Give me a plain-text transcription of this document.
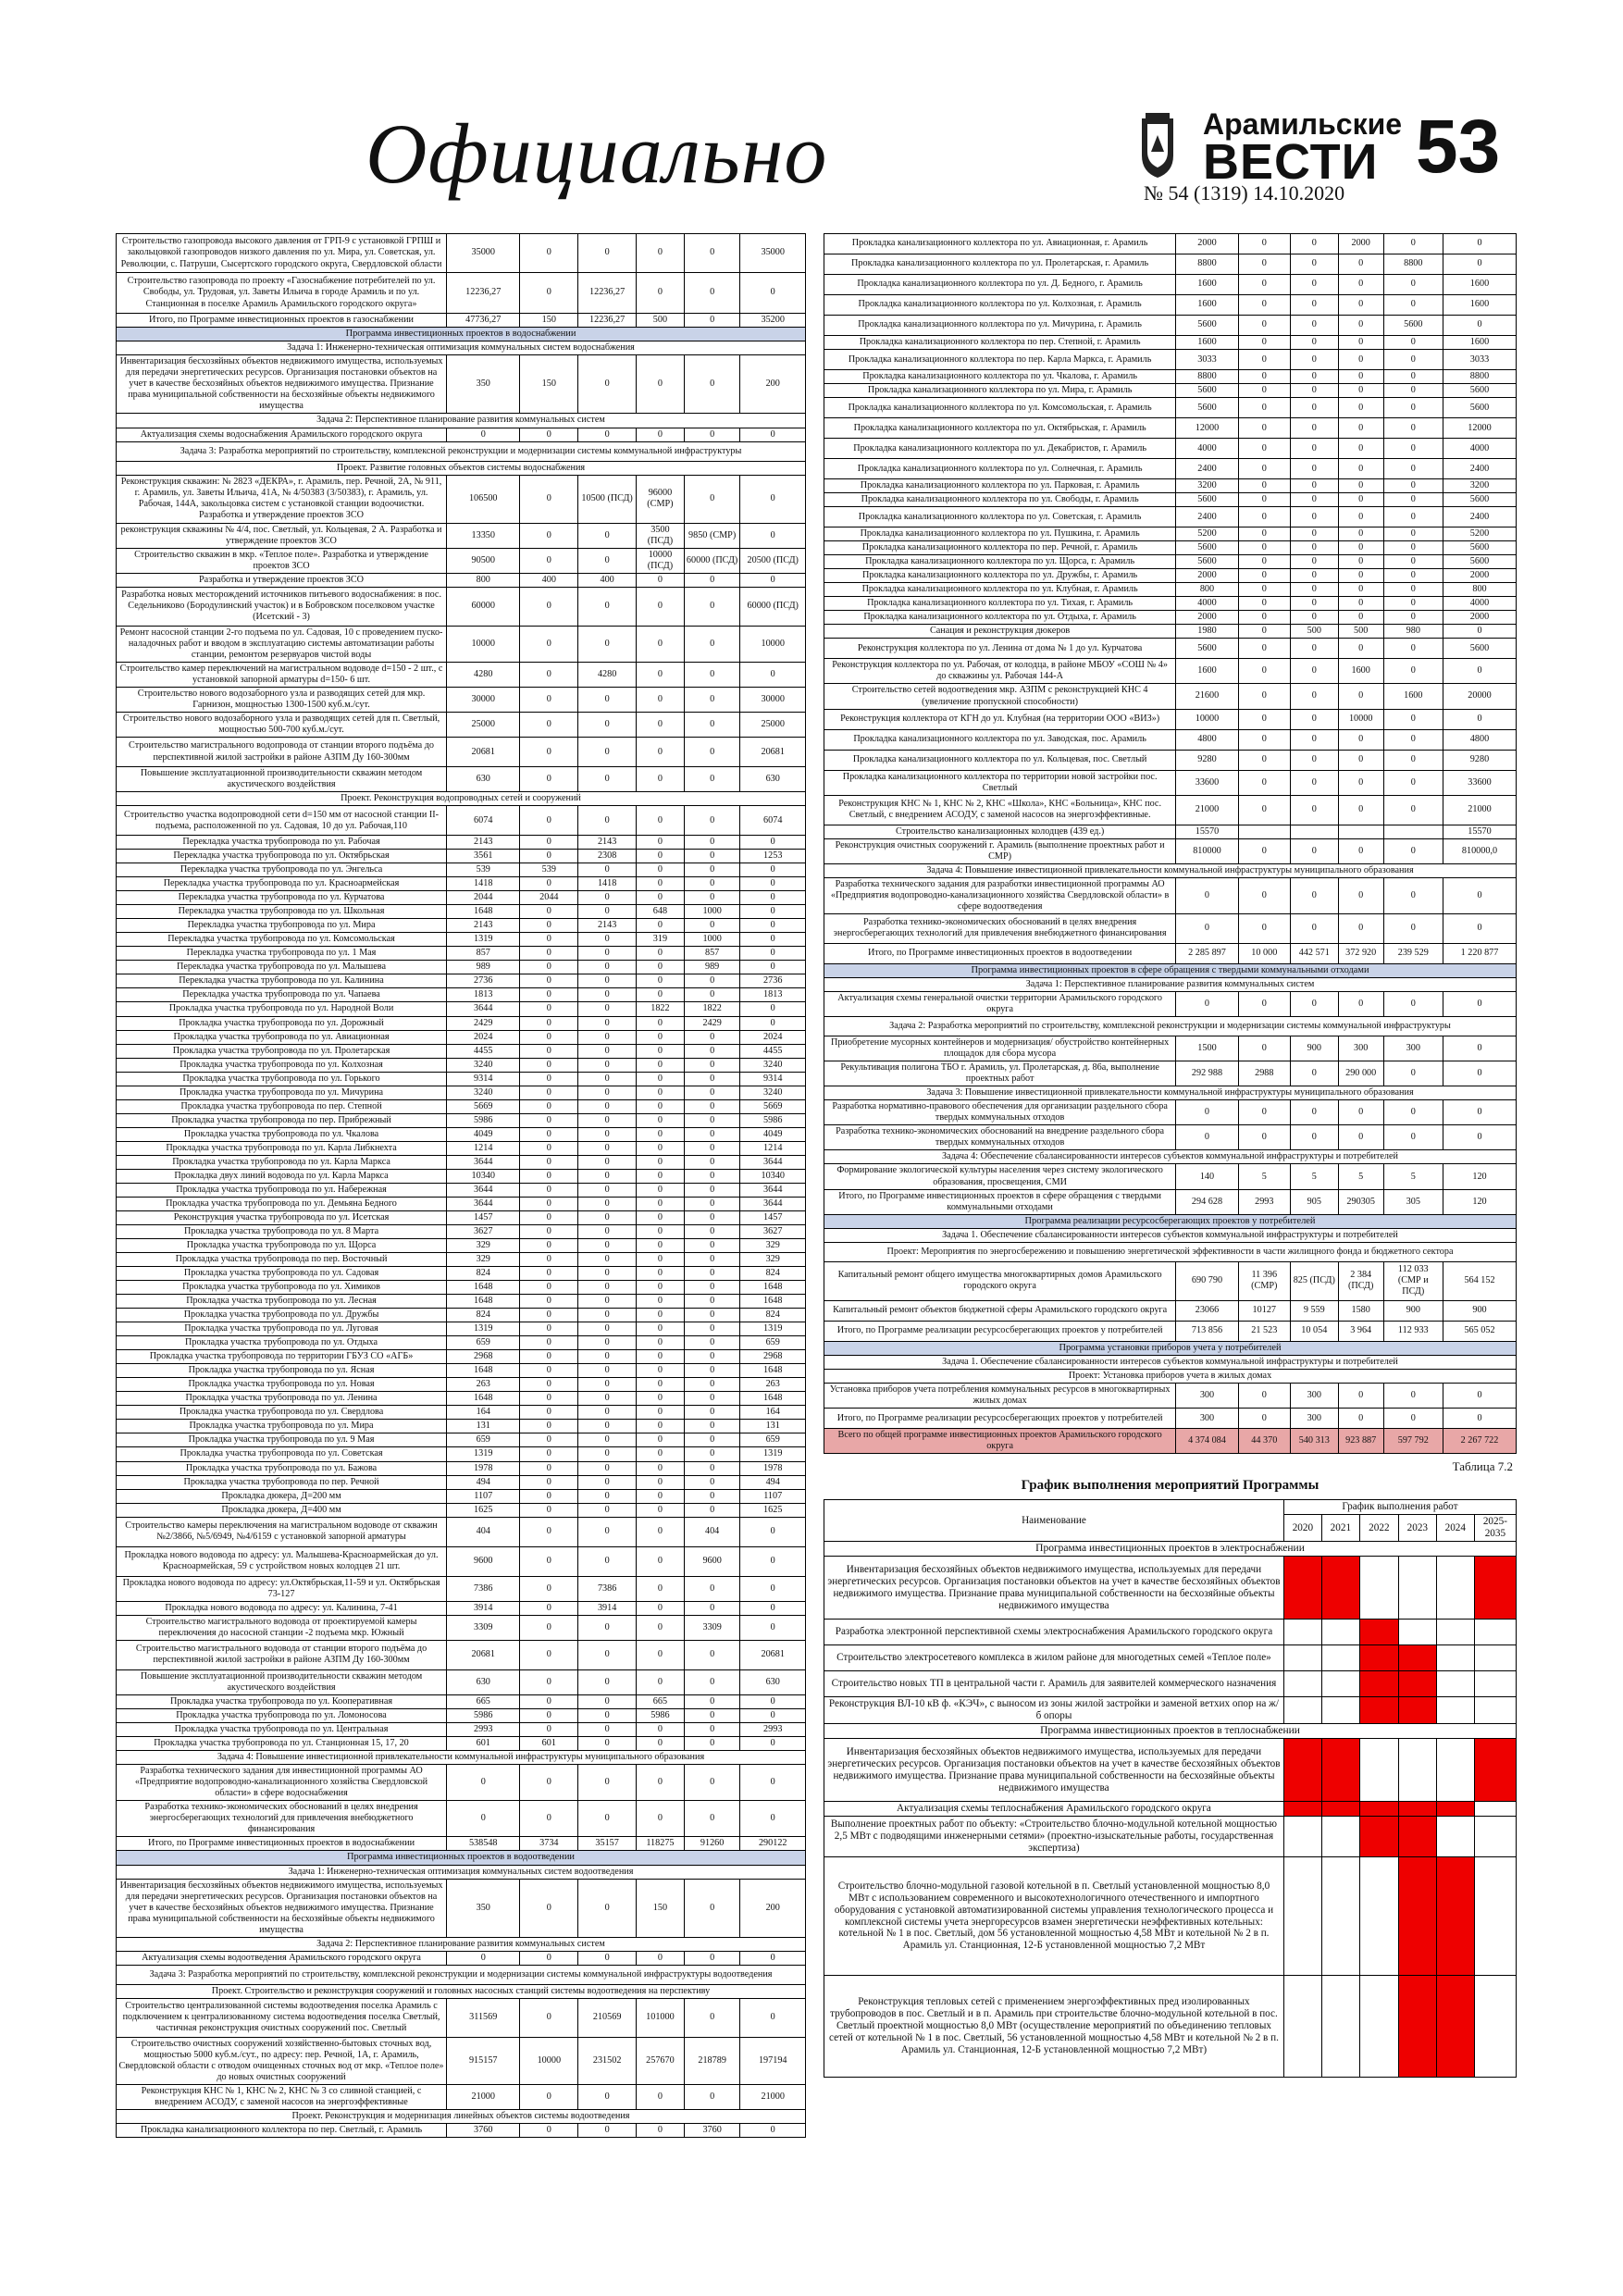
Официально	Арамильские
ВЕСТИ
№ 54 (1319) 14.10.2020
53
Строительство газопровода высокого давления от ГРП-9 с установкой ГРПШ и закольцовкой газопроводов низкого давления по ул. Мира, ул. Советская, ул. Революции, с. Патруши, Сысертского городского округа, Свердловской области	35000	0	0	0	0	35000
Строительство газопровода по проекту «Газоснабжение потребителей по ул. Свободы, ул. Трудовая, ул. Заветы Ильича в городе Арамиль и по ул. Станционная в поселке Арамиль Арамильского городского округа»	12236,27	0	12236,27	0	0	0
Итого, по Программе инвестиционных проектов в газоснабжении	47736,27	150	12236,27	500	0	35200
Программа инвестиционных проектов в водоснабжении						
Задача 1: Инженерно-техническая оптимизация коммунальных систем водоснабжения						
Инвентаризация бесхозяйных объектов недвижимого имущества, используемых для передачи энергетических ресурсов. Организация постановки объектов на учет в качестве бесхозяйных объектов недвижимого имущества. Признание права муниципальной собственности на бесхозяйные объекты недвижимого имущества	350	150	0	0	0	200
Задача 2: Перспективное планирование развития коммунальных систем						
Актуализация схемы водоснабжения Арамильского городского округа	0	0	0	0	0	0
Задача 3: Разработка мероприятий по строительству, комплексной реконструкции и модернизации системы коммунальной инфраструктуры						
Проект. Развитие головных объектов системы водоснабжения						
Реконструкция скважин: № 2823 «ДЕКРА», г. Арамиль, пер. Речной, 2А, № 911, г. Арамиль, ул. Заветы Ильича, 41А, № 4/50383 (3/50383), г. Арамиль, ул. Рабочая, 144А, закольцовка систем с установкой станции водоочистки. Разработка и утверждение проектов ЗСО	106500	0	10500 (ПСД)	96000 (СМР)	0	0
реконструкция скважины № 4/4, пос. Светлый, ул. Кольцевая, 2 А. Разработка и утверждение проектов ЗСО	13350	0	0	3500 (ПСД)	9850 (СМР)	0
Строительство скважин в мкр. «Теплое поле». Разработка и утверждение проектов ЗСО	90500	0	0	10000 (ПСД)	60000 (ПСД)	20500 (ПСД)
Разработка и утверждение проектов ЗСО	800	400	400	0	0	0
Разработка новых месторождений источников питьевого водоснабжения: в пос. Седельниково (Бородулинский участок) и в Бобровском поселковом участке (Исетский - 3)	60000	0	0	0	0	60000 (ПСД)
Ремонт насосной станции 2-го подъема по ул. Садовая, 10 с проведением пуско-наладочных работ и вводом в эксплуатацию системы автоматизации работы станции, ремонтом резервуаров чистой воды	10000	0	0	0	0	10000
Строительство камер переключений на магистральном водоводе d=150 - 2 шт., с установкой запорной арматуры d=150- 6 шт.	4280	0	4280	0	0	0
Строительство нового водозаборного узла и разводящих сетей для мкр. Гарнизон, мощностью 1300-1500 куб.м./сут.	30000	0	0	0	0	30000
Строительство нового водозаборного узла и разводящих сетей для п. Светлый, мощностью 500-700 куб.м./сут.	25000	0	0	0	0	25000
Строительство магистрального водопровода от станции второго подъёма до перспективной жилой застройки в районе АЗПМ Ду 160-300мм	20681	0	0	0	0	20681
Повышение эксплуатационной производительности скважин методом акустического воздействия	630	0	0	0	0	630
Проект. Реконструкция водопроводных сетей и сооружений						
Строительство участка водопроводной сети d=150 мм от насосной станции II- подъема, расположенной по ул. Садовая, 10 до ул. Рабочая,110	6074	0	0	0	0	6074
Перекладка участка трубопровода по ул. Рабочая	2143	0	2143	0	0	0
Перекладка участка трубопровода по ул. Октябрьская	3561	0	2308	0	0	1253
Перекладка участка трубопровода по ул. Энгельса	539	539	0	0	0	0
Перекладка участка трубопровода по ул. Красноармейская	1418	0	1418	0	0	0
Перекладка участка трубопровода по ул. Курчатова	2044	2044	0	0	0	0
Перекладка участка трубопровода по ул. Школьная	1648	0	0	648	1000	0
Перекладка участка трубопровода по ул. Мира	2143	0	2143	0	0	0
Перекладка участка трубопровода по ул. Комсомольская	1319	0	0	319	1000	0
Перекладка участка трубопровода по ул. 1 Мая	857	0	0	0	857	0
Перекладка участка трубопровода по ул. Малышева	989	0	0	0	989	0
Перекладка участка трубопровода по ул. Калинина	2736	0	0	0	0	2736
Перекладка участка трубопровода по ул. Чапаева	1813	0	0	0	0	1813
Прокладка участка трубопровода по ул. Народной Воли	3644	0	0	1822	1822	0
Прокладка участка трубопровода по ул. Дорожный	2429	0	0	0	2429	0
Прокладка участка трубопровода по ул. Авиационная	2024	0	0	0	0	2024
Прокладка участка трубопровода по ул. Пролетарская	4455	0	0	0	0	4455
Прокладка участка трубопровода по ул. Колхозная	3240	0	0	0	0	3240
Прокладка участка трубопровода по ул. Горького	9314	0	0	0	0	9314
Прокладка участка трубопровода по ул. Мичурина	3240	0	0	0	0	3240
Прокладка участка трубопровода по пер. Степной	5669	0	0	0	0	5669
Прокладка участка трубопровода по пер. Прибрежный	5986	0	0	0	0	5986
Прокладка участка трубопровода по ул. Чкалова	4049	0	0	0	0	4049
Прокладка участка трубопровода по ул. Карла Либкнехта	1214	0	0	0	0	1214
Прокладка участка трубопровода по ул. Карла Маркса	3644	0	0	0	0	3644
Прокладка двух линий водовода по ул. Карла Маркса	10340	0	0	0	0	10340
Прокладка участка трубопровода по ул. Набережная	3644	0	0	0	0	3644
Прокладка участка трубопровода по ул. Демьяна Бедного	3644	0	0	0	0	3644
Реконструкция участка трубопровода по ул. Исетская	1457	0	0	0	0	1457
Прокладка участка трубопровода по ул. 8 Марта	3627	0	0	0	0	3627
Прокладка участка трубопровода по ул. Щорса	329	0	0	0	0	329
Прокладка участка трубопровода по пер. Восточный	329	0	0	0	0	329
Прокладка участка трубопровода по ул. Садовая	824	0	0	0	0	824
Прокладка участка трубопровода по ул. Химиков	1648	0	0	0	0	1648
Прокладка участка трубопровода по ул. Лесная	1648	0	0	0	0	1648
Прокладка участка трубопровода по ул. Дружбы	824	0	0	0	0	824
Прокладка участка трубопровода по ул. Луговая	1319	0	0	0	0	1319
Прокладка участка трубопровода по ул. Отдыха	659	0	0	0	0	659
Прокладка участка трубопровода по территории ГБУЗ СО «АГБ»	2968	0	0	0	0	2968
Прокладка участка трубопровода по ул. Ясная	1648	0	0	0	0	1648
Прокладка участка трубопровода по ул. Новая	263	0	0	0	0	263
Прокладка участка трубопровода по ул. Ленина	1648	0	0	0	0	1648
Прокладка участка трубопровода по ул. Свердлова	164	0	0	0	0	164
Прокладка участка трубопровода по ул. Мира	131	0	0	0	0	131
Прокладка участка трубопровода по ул. 9 Мая	659	0	0	0	0	659
Прокладка участка трубопровода по ул. Советская	1319	0	0	0	0	1319
Прокладка участка трубопровода по ул. Бажова	1978	0	0	0	0	1978
Прокладка участка трубопровода по пер. Речной	494	0	0	0	0	494
Прокладка дюкера, Д=200 мм	1107	0	0	0	0	1107
Прокладка дюкера, Д=400 мм	1625	0	0	0	0	1625
Строительство камеры переключения на магистральном водоводе от скважин №2/3866, №5/6949, №4/6159 с установкой запорной арматуры	404	0	0	0	404	0
Прокладка нового водовода по адресу: ул. Малышева-Красноармейская до ул. Красноармейская, 59 с устройством новых колодцев 21 шт.	9600	0	0	0	9600	0
Прокладка нового водовода по адресу: ул.Октябрьская,11-59 и ул. Октябрьская 73-127	7386	0	7386	0	0	0
Прокладка нового водовода по адресу: ул. Калинина, 7-41	3914	0	3914	0	0	0
Строительство магистрального водовода от проектируемой камеры переключения до насосной станции -2 подъема мкр. Южный	3309	0	0	0	3309	0
Строительство магистрального водовода от станции второго подъёма до перспективной жилой застройки в районе АЗПМ Ду 160-300мм	20681	0	0	0	0	20681
Повышение эксплуатационной производительности скважин методом акустического воздействия	630	0	0	0	0	630
Прокладка участка трубопровода по ул. Кооперативная	665	0	0	665	0	0
Прокладка участка трубопровода по ул. Ломоносова	5986	0	0	5986	0	0
Прокладка участка трубопровода по ул. Центральная	2993	0	0	0	0	2993
Прокладка участка трубопровода по ул. Станционная 15, 17, 20	601	601	0	0	0	0
Задача 4: Повышение инвестиционной привлекательности коммунальной инфраструктуры муниципального образования						
Разработка технического задания для инвестиционной программы АО «Предприятие водопроводно-канализационного хозяйства Свердловской области» в сфере водоснабжения	0	0	0	0	0	0
Разработка технико-экономических обоснований в целях внедрения энергосберегающих технологий для привлечения внебюджетного финансирования	0	0	0	0	0	0
Итого, по Программе инвестиционных проектов в водоснабжении	538548	3734	35157	118275	91260	290122
Программа инвестиционных проектов в водоотведении						
Задача 1: Инженерно-техническая оптимизация коммунальных систем водоотведения						
Инвентаризация бесхозяйных объектов недвижимого имущества, используемых для передачи энергетических ресурсов. Организация постановки объектов на учет в качестве бесхозяйных объектов недвижимого имущества. Признание права муниципальной собственности на бесхозяйные объекты недвижимого имущества	350	0	0	150	0	200
Задача 2: Перспективное планирование развития коммунальных систем						
Актуализация схемы водоотведения Арамильского городского округа	0	0	0	0	0	0
Задача 3: Разработка мероприятий по строительству, комплексной реконструкции и модернизации системы коммунальной инфраструктуры водоотведения						
Проект. Строительство и реконструкция сооружений и головных насосных станций системы водоотведения на перспективу						
Строительство централизованной системы водоотведения поселка Арамиль с подключением к централизованному система водоотведения поселка Светлый, частичная реконструкция очистных сооружений пос. Светлый	311569	0	210569	101000	0	0
Строительство очистных сооружений хозяйственно-бытовых сточных вод, мощностью 5000 куб.м./сут., по адресу: пер. Речной, 1А, г. Арамиль, Свердловской области с отводом очищенных сточных вод от мкр. «Теплое поле» до новых очистных сооружений	915157	10000	231502	257670	218789	197194
Реконструкция КНС № 1, КНС № 2, КНС № 3 со сливной станцией, с внедрением АСОДУ, с заменой насосов на энергоэффективные	21000	0	0	0	0	21000
Проект. Реконструкция и модернизация линейных объектов системы водоотведения						
Прокладка канализационного коллектора по пер. Светлый, г. Арамиль	3760	0	0	0	3760	0
Прокладка канализационного коллектора по ул. Авиационная, г. Арамиль	2000	0	0	2000	0	0
Прокладка канализационного коллектора по ул. Пролетарская, г. Арамиль	8800	0	0	0	8800	0
Прокладка канализационного коллектора по ул. Д. Бедного, г. Арамиль	1600	0	0	0	0	1600
Прокладка канализационного коллектора по ул. Колхозная, г. Арамиль	1600	0	0	0	0	1600
Прокладка канализационного коллектора по ул. Мичурина, г. Арамиль	5600	0	0	0	5600	0
Прокладка канализационного коллектора по пер. Степной, г. Арамиль	1600	0	0	0	0	1600
Прокладка канализационного коллектора по пер. Карла Маркса, г. Арамиль	3033	0	0	0	0	3033
Прокладка канализационного коллектора по ул. Чкалова, г. Арамиль	8800	0	0	0	0	8800
Прокладка канализационного коллектора по ул. Мира, г. Арамиль	5600	0	0	0	0	5600
Прокладка канализационного коллектора по ул. Комсомольская, г. Арамиль	5600	0	0	0	0	5600
Прокладка канализационного коллектора по ул. Октябрьская, г. Арамиль	12000	0	0	0	0	12000
Прокладка канализационного коллектора по ул. Декабристов, г. Арамиль	4000	0	0	0	0	4000
Прокладка канализационного коллектора по ул. Солнечная, г. Арамиль	2400	0	0	0	0	2400
Прокладка канализационного коллектора по ул. Парковая, г. Арамиль	3200	0	0	0	0	3200
Прокладка канализационного коллектора по ул. Свободы, г. Арамиль	5600	0	0	0	0	5600
Прокладка канализационного коллектора по ул. Советская, г. Арамиль	2400	0	0	0	0	2400
Прокладка канализационного коллектора по ул. Пушкина, г. Арамиль	5200	0	0	0	0	5200
Прокладка канализационного коллектора по пер. Речной, г. Арамиль	5600	0	0	0	0	5600
Прокладка канализационного коллектора по ул. Щорса, г. Арамиль	5600	0	0	0	0	5600
Прокладка канализационного коллектора по ул. Дружбы, г. Арамиль	2000	0	0	0	0	2000
Прокладка канализационного коллектора по ул. Клубная, г. Арамиль	800	0	0	0	0	800
Прокладка канализационного коллектора по ул. Тихая, г. Арамиль	4000	0	0	0	0	4000
Прокладка канализационного коллектора по ул. Отдыха, г. Арамиль	2000	0	0	0	0	2000
Санация и реконструкция дюкеров	1980	0	500	500	980	0
Реконструкция коллектора по ул. Ленина от дома № 1 до ул. Курчатова	5600	0	0	0	0	5600
Реконструкция коллектора по ул. Рабочая, от колодца, в районе МБОУ «СОШ № 4» до скважины ул. Рабочая 144-А	1600	0	0	1600	0	0
Строительство сетей водоотведения мкр. АЗПМ с реконструкцией КНС 4 (увеличение пропускной способности)	21600	0	0	0	1600	20000
Реконструкция коллектора от КГН до ул. Клубная (на территории ООО «ВИЗ»)	10000	0	0	10000	0	0
Прокладка канализационного коллектора по ул. Заводская, пос. Арамиль	4800	0	0	0	0	4800
Прокладка канализационного коллектора по ул. Кольцевая, пос. Светлый	9280	0	0	0	0	9280
Прокладка канализационного коллектора по территории новой застройки пос. Светлый	33600	0	0	0	0	33600
Реконструкция КНС № 1, КНС № 2, КНС «Школа», КНС «Больница», КНС пос. Светлый, с внедрением АСОДУ, с заменой насосов на энергоэффективные.	21000	0	0	0	0	21000
Строительство канализационных колодцев (439 ед.)	15570					15570
Реконструкция очистных сооружений г. Арамиль (выполнение проектных работ и СМР)	810000	0	0	0	0	810000,0
Задача 4: Повышение инвестиционной привлекательности коммунальной инфраструктуры муниципального образования						
Разработка технического задания для разработки инвестиционной программы АО «Предприятия водопроводно-канализационного хозяйства Свердловской области» в сфере водоотведения	0	0	0	0	0	0
Разработка технико-экономических обоснований в целях внедрения энергосберегающих технологий для привлечения внебюджетного финансирования	0	0	0	0	0	0
Итого, по Программе инвестиционных проектов в водоотведении	2 285 897	10 000	442 571	372 920	239 529	1 220 877
Программа инвестиционных проектов в сфере обращения с твердыми коммунальными отходами						
Задача 1: Перспективное планирование развития коммунальных систем						
Актуализация схемы генеральной очистки территории Арамильского городского округа	0	0	0	0	0	0
Задача 2: Разработка мероприятий по строительству, комплексной реконструкции и модернизации системы коммунальной инфраструктуры						
Приобретение мусорных контейнеров и модернизация/ обустройство контейнерных площадок для сбора мусора	1500	0	900	300	300	0
Рекультивация полигона ТБО г. Арамиль, ул. Пролетарская, д. 86а, выполнение проектных работ	292 988	2988	0	290 000	0	0
Задача 3: Повышение инвестиционной привлекательности коммунальной инфраструктуры муниципального образования						
Разработка нормативно-правового обеспечения для организации раздельного сбора твердых коммунальных отходов	0	0	0	0	0	0
Разработка технико-экономических обоснований на внедрение раздельного сбора твердых коммунальных отходов	0	0	0	0	0	0
Задача 4: Обеспечение сбалансированности интересов субъектов коммунальной инфраструктуры и потребителей						
Формирование экологической культуры населения через систему экологического образования, просвещения, СМИ	140	5	5	5	5	120
Итого, по Программе инвестиционных проектов в сфере обращения с твердыми коммунальными отходами	294 628	2993	905	290305	305	120
Программа реализации ресурсосберегающих проектов у потребителей						
Задача 1. Обеспечение сбалансированности интересов субъектов коммунальной инфраструктуры и потребителей						
Проект: Мероприятия по энергосбережению и повышению энергетической эффективности в части жилищного фонда и бюджетного сектора						
Капитальный ремонт общего имущества многоквартирных домов Арамильского городского округа	690 790	11 396 (СМР)	825 (ПСД)	2 384 (ПСД)	112 033 (СМР и ПСД)	564 152
Капитальный ремонт объектов бюджетной сферы Арамильского городского округа	23066	10127	9 559	1580	900	900
Итого, по Программе реализации ресурсосберегающих проектов у потребителей	713 856	21 523	10 054	3 964	112 933	565 052
Программа установки приборов учета у потребителей						
Задача 1. Обеспечение сбалансированности интересов субъектов коммунальной инфраструктуры и потребителей						
Проект: Установка приборов учета в жилых домах						
Установка приборов учета потребления коммунальных ресурсов в многоквартирных жилых домах	300	0	300	0	0	0
Итого, по Программе реализации ресурсосберегающих проектов у потребителей	300	0	300	0	0	0
Всего по общей программе инвестиционных проектов Арамильского городского округа	4 374 084	44 370	540 313	923 887	597 792	2 267 722
Таблица 7.2
График выполнения мероприятий Программы
Наименование	График выполнения работ					
	2020	2021	2022	2023	2024	2025-2035
Программа инвестиционных проектов в электроснабжении						
Инвентаризация бесхозяйных объектов недвижимого имущества, используемых для передачи энергетических ресурсов. Организация постановки объектов на учет в качестве бесхозяйных объектов недвижимого имущества. Признание права муниципальной собственности на бесхозяйные объекты недвижимого имущества						
Разработка электронной перспективной схемы электроснабжения Арамильского городского округа						
Строительство электросетевого комплекса в жилом районе для многодетных семей «Теплое поле»						
Строительство новых ТП в центральной части г. Арамиль для заявителей коммерческого назначения						
Реконструкция ВЛ-10 кВ ф. «КЭЧ», с выносом из зоны жилой застройки и заменой ветхих опор на ж/б опоры						
Программа инвестиционных проектов в теплоснабжении						
Инвентаризация бесхозяйных объектов недвижимого имущества, используемых для передачи энергетических ресурсов. Организация постановки объектов на учет в качестве бесхозяйных объектов недвижимого имущества. Признание права муниципальной собственности на бесхозяйные объекты недвижимого имущества						
Актуализация схемы теплоснабжения Арамильского городского округа						
Выполнение проектных работ по объекту: «Строительство блочно-модульной котельной мощностью 2,5 МВт с подводящими инженерными сетями» (проектно-изыскательные работы, государственная экспертиза)						
Строительство блочно-модульной газовой котельной в п. Светлый установленной мощностью 8,0 МВт с использованием современного и высокотехнологичного отечественного и импортного оборудования с установкой автоматизированной системы управления технологического процесса и комплексной системы учета энергоресурсов взамен энергетически неэффективных котельных: котельной № 1 в пос. Светлый, дом 56 установленной мощностью 4,58 МВт и котельной № 2 в п. Арамиль ул. Станционная, 12-Б установленной мощностью 7,2 МВт						
Реконструкция тепловых сетей с применением энергоэффективных пред изолированных трубопроводов в пос. Светлый и в п. Арамиль при строительстве блочно-модульной котельной в пос. Светлый проектной мощностью 8,0 МВт (осуществление мероприятий по объединению тепловых сетей от котельной № 1 в пос. Светлый, 56 установленной мощностью 4,58 МВт и котельной № 2 в п. Арамиль ул. Станционная, 12-Б установленной мощностью 7,2 МВт)						
